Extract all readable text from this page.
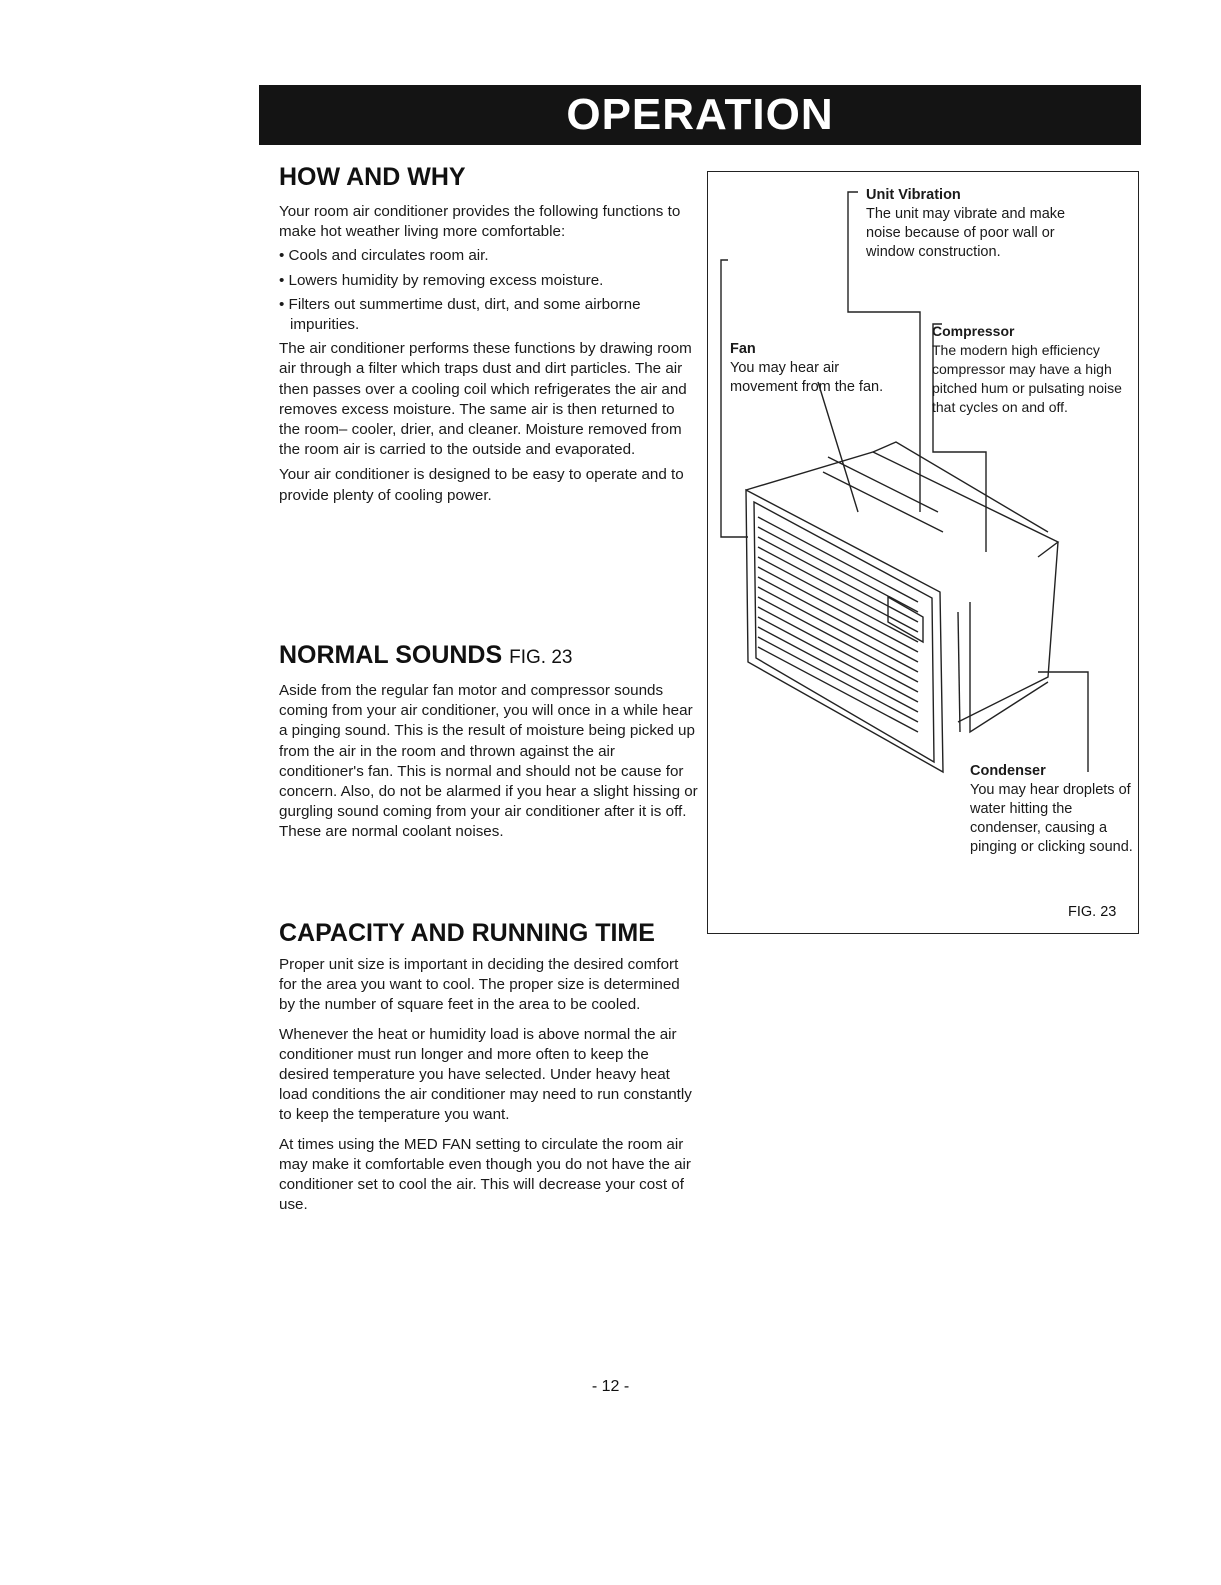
OPERATION
HOW AND WHY

Your room air conditioner provides the following functions to make hot weather living more comfortable:

• Cools and circulates room air.
• Lowers humidity by removing excess moisture.
• Filters out summertime dust, dirt, and some airborne impurities.

The air conditioner performs these functions by drawing room air through a filter which traps dust and dirt particles. The air then passes over a cooling coil which refrigerates the air and removes excess moisture. The same air is then returned to the room– cooler, drier, and cleaner. Moisture removed from the room air is carried to the outside and evaporated.

Your air conditioner is designed to be easy to operate and to provide plenty of cooling power.

NORMAL SOUNDS FIG. 23

Aside from the regular fan motor and compressor sounds coming from your air conditioner, you will once in a while hear a pinging sound. This is the result of moisture being picked up from the air in the room and thrown against the air conditioner's fan. This is normal and should not be cause for concern. Also, do not be alarmed if you hear a slight hissing or gurgling sound coming from your air conditioner after it is off. These are normal coolant noises.

CAPACITY AND RUNNING TIME

Proper unit size is important in deciding the desired comfort for the area you want to cool. The proper size is determined by the number of square feet in the area to be cooled.

Whenever the heat or humidity load is above normal the air conditioner must run longer and more often to keep the desired temperature you have selected. Under heavy heat load conditions the air conditioner may need to run constantly to keep the temperature you want.

At times using the MED FAN setting to circulate the room air may make it comfortable even though you do not have the air conditioner set to cool the air. This will decrease your cost of use.

Unit Vibration
The unit may vibrate and make noise because of poor wall or window construction.
Fan
You may hear air movement from the fan.
Compressor
The modern high efficiency compressor may have a high pitched hum or pulsating noise that cycles on and off.
Condenser
You may hear droplets of water hitting the condenser, causing a pinging or clicking sound.
FIG. 23
- 12 -
